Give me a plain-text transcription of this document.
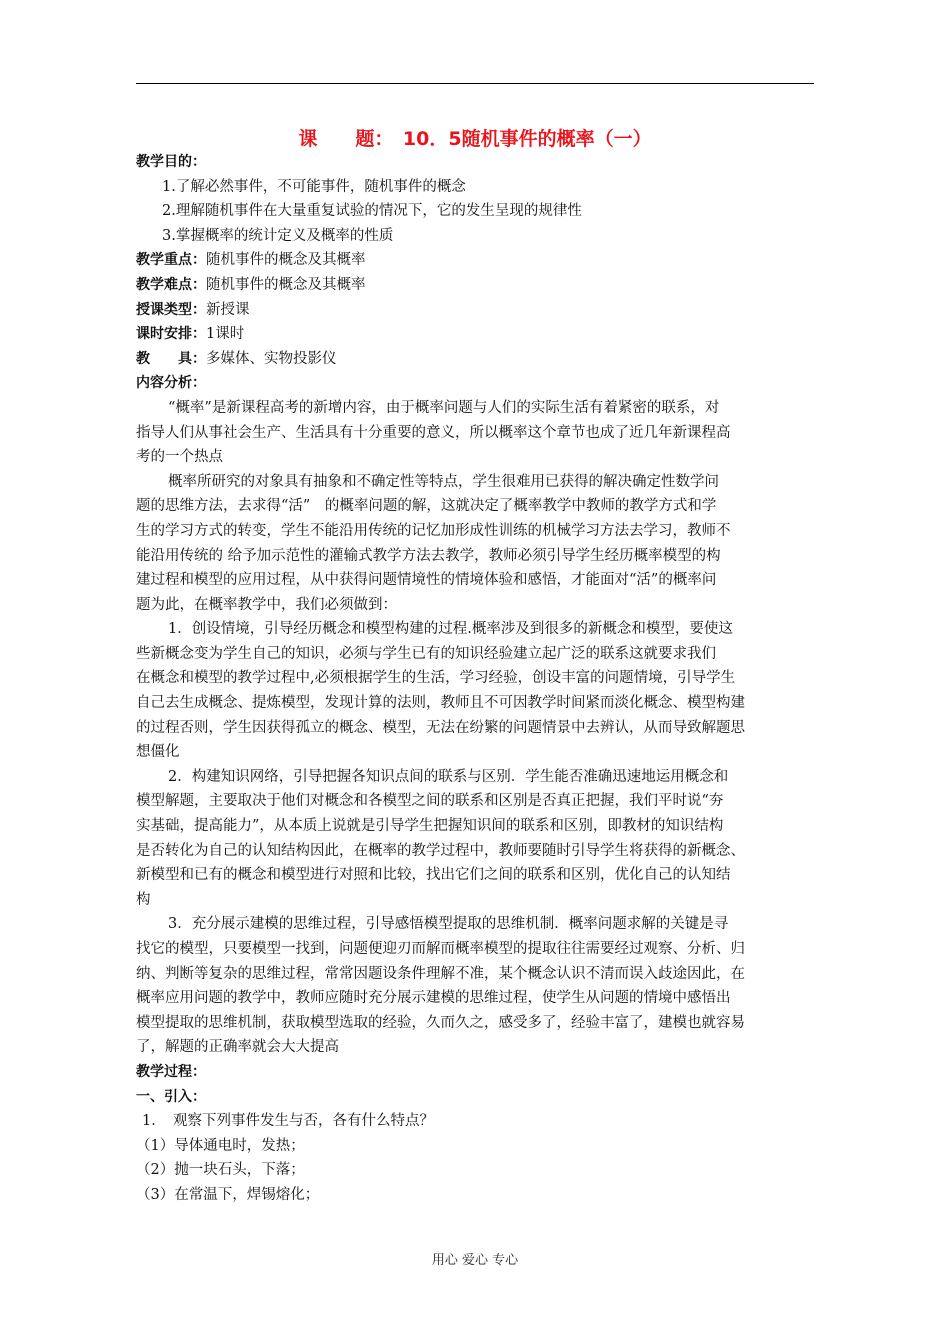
课　　题：　10．5随机事件的概率（一）
教学目的：
1.了解必然事件，不可能事件，随机事件的概念
2.理解随机事件在大量重复试验的情况下，它的发生呈现的规律性
3.掌握概率的统计定义及概率的性质
教学重点：随机事件的概念及其概率
教学难点：随机事件的概念及其概率
授课类型：新授课
课时安排：1课时
教　　具：多媒体、实物投影仪
内容分析：
“概率”是新课程高考的新增内容，由于概率问题与人们的实际生活有着紧密的联系，对
指导人们从事社会生产、生活具有十分重要的意义，所以概率这个章节也成了近几年新课程高
考的一个热点
概率所研究的对象具有抽象和不确定性等特点，学生很难用已获得的解决确定性数学问
题的思维方法，去求得“活”　的概率问题的解，这就决定了概率教学中教师的教学方式和学
生的学习方式的转变，学生不能沿用传统的记忆加形成性训练的机械学习方法去学习，教师不
能沿用传统的 给予加示范性的灌输式教学方法去教学，教师必须引导学生经历概率模型的构
建过程和模型的应用过程，从中获得问题情境性的情境体验和感悟，才能面对“活”的概率问
题为此，在概率教学中，我们必须做到：
1．创设情境，引导经历概念和模型构建的过程.概率涉及到很多的新概念和模型，要使这
些新概念变为学生自己的知识，必须与学生已有的知识经验建立起广泛的联系这就要求我们
在概念和模型的教学过程中,必须根据学生的生活，学习经验，创设丰富的问题情境，引导学生
自己去生成概念、提炼模型，发现计算的法则，教师且不可因教学时间紧而淡化概念、模型构建
的过程否则，学生因获得孤立的概念、模型，无法在纷繁的问题情景中去辨认，从而导致解题思
想僵化
2．构建知识网络，引导把握各知识点间的联系与区别．学生能否准确迅速地运用概念和
模型解题，主要取决于他们对概念和各模型之间的联系和区别是否真正把握，我们平时说“夯
实基础，提高能力”，从本质上说就是引导学生把握知识间的联系和区别，即教材的知识结构
是否转化为自己的认知结构因此，在概率的教学过程中，教师要随时引导学生将获得的新概念、
新模型和已有的概念和模型进行对照和比较，找出它们之间的联系和区别，优化自己的认知结
构
3．充分展示建模的思维过程，引导感悟模型提取的思维机制．概率问题求解的关键是寻
找它的模型，只要模型一找到，问题便迎刃而解而概率模型的提取往往需要经过观察、分析、归
纳、判断等复杂的思维过程，常常因题设条件理解不准，某个概念认识不清而误入歧途因此，在
概率应用问题的教学中，教师应随时充分展示建模的思维过程，使学生从问题的情境中感悟出
模型提取的思维机制，获取模型选取的经验，久而久之，感受多了，经验丰富了，建模也就容易
了，解题的正确率就会大大提高
教学过程：
一、引入：
1．　观察下列事件发生与否，各有什么特点？
（1）导体通电时，发热；
（2）抛一块石头，下落；
（3）在常温下，焊锡熔化；
用心 爱心 专心
